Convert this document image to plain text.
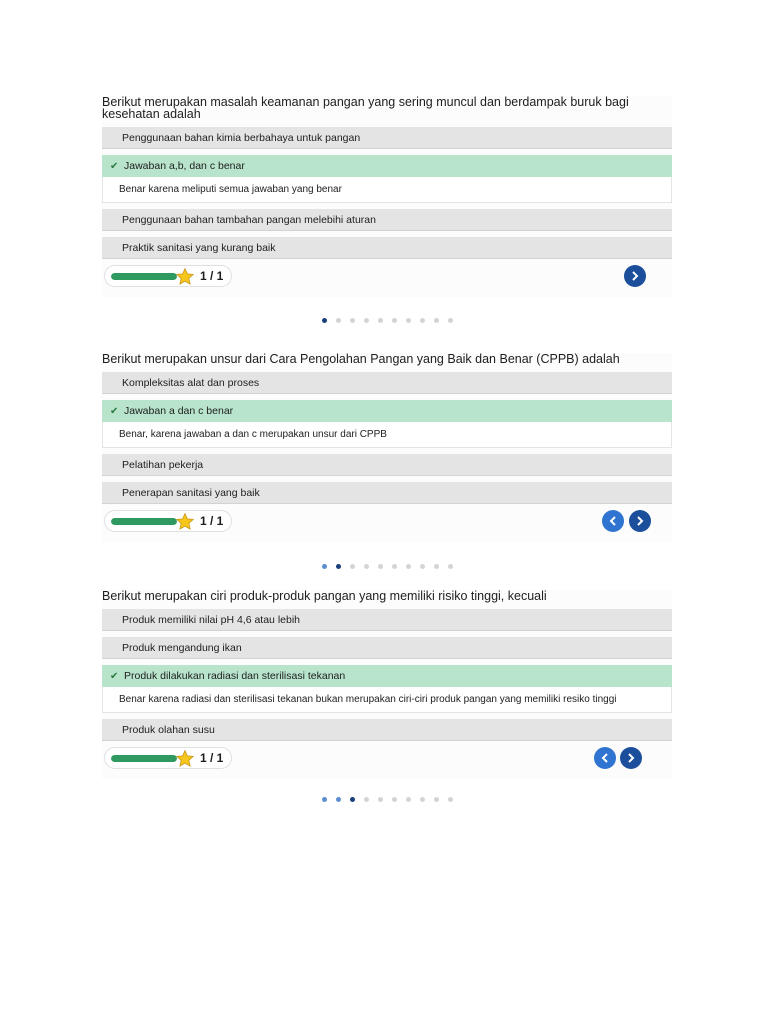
Berikut merupakan masalah keamanan pangan yang sering muncul dan berdampak buruk bagi kesehatan adalah

Penggunaan bahan kimia berbahaya untuk pangan
✔ Jawaban a,b, dan c benar
Benar karena meliputi semua jawaban yang benar
Penggunaan bahan tambahan pangan melebihi aturan
Praktik sanitasi yang kurang baik
1 / 1

Berikut merupakan unsur dari Cara Pengolahan Pangan yang Baik dan Benar (CPPB) adalah

Kompleksitas alat dan proses
✔ Jawaban a dan c benar
Benar, karena jawaban a dan c merupakan unsur dari CPPB
Pelatihan pekerja
Penerapan sanitasi yang baik
1 / 1

Berikut merupakan ciri produk-produk pangan yang memiliki risiko tinggi, kecuali

Produk memiliki nilai pH 4,6 atau lebih
Produk mengandung ikan
✔ Produk dilakukan radiasi dan sterilisasi tekanan
Benar karena radiasi dan sterilisasi tekanan bukan merupakan ciri-ciri produk pangan yang memiliki resiko tinggi
Produk olahan susu
1 / 1
